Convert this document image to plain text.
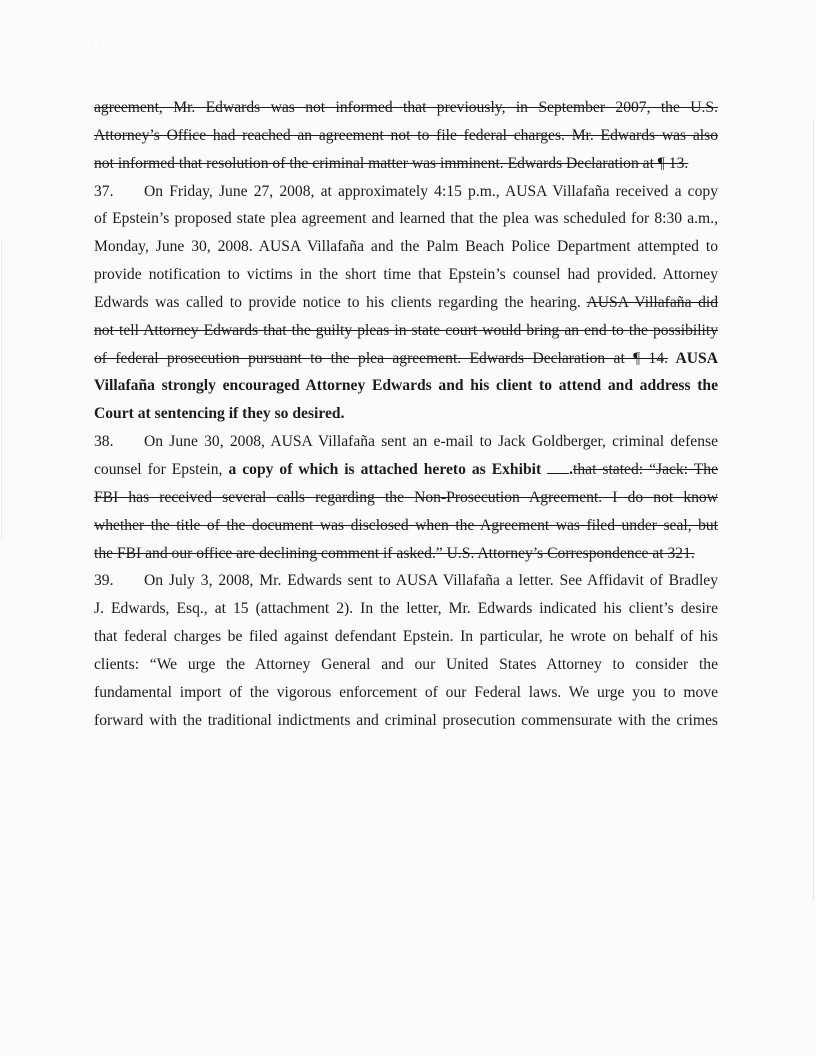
· ·
agreement, Mr. Edwards was not informed that previously, in September 2007, the U.S.
Attorney’s Office had reached an agreement not to file federal charges. Mr. Edwards was also
not informed that resolution of the criminal matter was imminent. Edwards Declaration at ¶ 13.
37. On Friday, June 27, 2008, at approximately 4:15 p.m., AUSA Villafaña received a copy
of Epstein’s proposed state plea agreement and learned that the plea was scheduled for 8:30 a.m.,
Monday, June 30, 2008. AUSA Villafaña and the Palm Beach Police Department attempted to
provide notification to victims in the short time that Epstein’s counsel had provided. Attorney
Edwards was called to provide notice to his clients regarding the hearing. AUSA Villafaña did
not tell Attorney Edwards that the guilty pleas in state court would bring an end to the possibility
of federal prosecution pursuant to the plea agreement. Edwards Declaration at ¶ 14. AUSA
Villafaña strongly encouraged Attorney Edwards and his client to attend and address the
Court at sentencing if they so desired.
38. On June 30, 2008, AUSA Villafaña sent an e-mail to Jack Goldberger, criminal defense
counsel for Epstein, a copy of which is attached hereto as Exhibit .that stated: “Jack: The
FBI has received several calls regarding the Non-Prosecution Agreement. I do not know
whether the title of the document was disclosed when the Agreement was filed under seal, but
the FBI and our office are declining comment if asked.” U.S. Attorney’s Correspondence at 321.
39. On July 3, 2008, Mr. Edwards sent to AUSA Villafaña a letter. See Affidavit of Bradley
J. Edwards, Esq., at 15 (attachment 2). In the letter, Mr. Edwards indicated his client’s desire
that federal charges be filed against defendant Epstein. In particular, he wrote on behalf of his
clients: “We urge the Attorney General and our United States Attorney to consider the
fundamental import of the vigorous enforcement of our Federal laws. We urge you to move
forward with the traditional indictments and criminal prosecution commensurate with the crimes
